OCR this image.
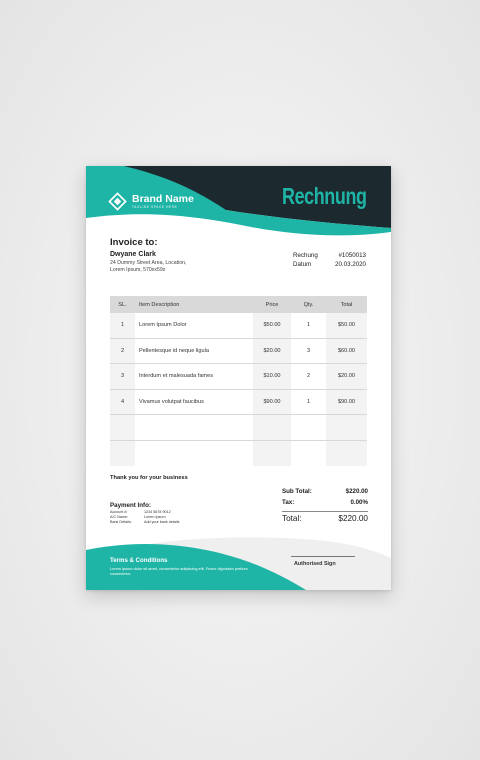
Brand Name
TAGLINE SPACE HERE	Rechnung
Invoice to:
Dwyane Clark
24 Dummy Street Area, Location, Lorem Ipsum, 570xx59x
Rechung	#1050013
Datum	20.03.2020
SL.	Item Description	Price	Qty.	Total
1	Lorem Ipsum Dolor	$50.00	1	$50.00
2	Pellentesque id neque ligula	$20.00	3	$60.00
3	Interdum et malesuada fames	$10.00	2	$20.00
4	Vivamus volutpat faucibus	$90.00	1	$90.00
Thank you for your business
Payment Info:
Account #:	1234 5678 9012
A/C Name:	Lorem Ipsum
Bank Details:	Add your bank details
Sub Total:	$220.00
Tax:	0.00%
Total:	$220.00
Authorised Sign
Terms & Conditions
Lorem ipsum dolor sit amet, consectetur adipiscing elit. Fusce dignissim pretium consectetur.
